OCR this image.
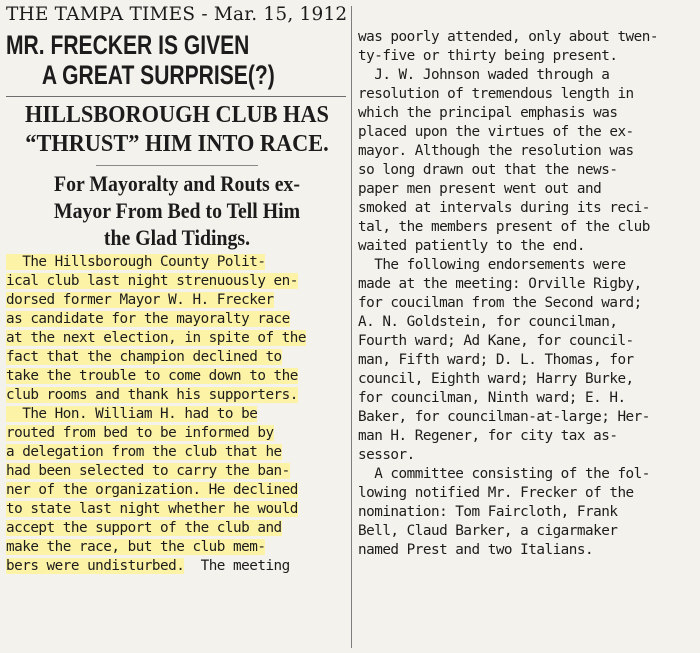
THE TAMPA TIMES - Mar. 15, 1912
MR. FRECKER IS GIVEN
A GREAT SURPRISE(?)
HILLSBOROUGH CLUB HAS
“THRUST” HIM INTO RACE.
For Mayoralty and Routs ex-
Mayor From Bed to Tell Him
the Glad Tidings.
The Hillsborough County Polit-
ical club last night strenuously en-
dorsed former Mayor W. H. Frecker
as candidate for the mayoralty race
at the next election, in spite of the
fact that the champion declined to
take the trouble to come down to the
club rooms and thank his supporters.
The Hon. William H. had to be
routed from bed to be informed by
a delegation from the club that he
had been selected to carry the ban-
ner of the organization. He declined
to state last night whether he would
accept the support of the club and
make the race, but the club mem-
bers were undisturbed.  The meeting
was poorly attended, only about twen-
ty-five or thirty being present.
J. W. Johnson waded through a
resolution of tremendous length in
which the principal emphasis was
placed upon the virtues of the ex-
mayor. Although the resolution was
so long drawn out that the news-
paper men present went out and
smoked at intervals during its reci-
tal, the members present of the club
waited patiently to the end.
The following endorsements were
made at the meeting: Orville Rigby,
for coucilman from the Second ward;
A. N. Goldstein, for councilman,
Fourth ward; Ad Kane, for council-
man, Fifth ward; D. L. Thomas, for
council, Eighth ward; Harry Burke,
for councilman, Ninth ward; E. H.
Baker, for councilman-at-large; Her-
man H. Regener, for city tax as-
sessor.
A committee consisting of the fol-
lowing notified Mr. Frecker of the
nomination: Tom Faircloth, Frank
Bell, Claud Barker, a cigarmaker
named Prest and two Italians.
